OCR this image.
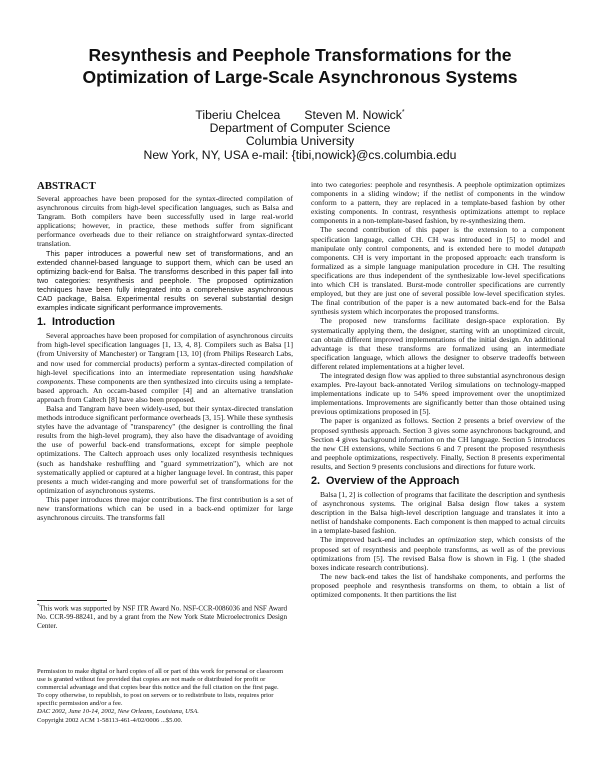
Resynthesis and Peephole Transformations for the
Optimization of Large-Scale Asynchronous Systems
Tiberiu Chelcea Steven M. Nowick*
Department of Computer Science
Columbia University
New York, NY, USA e-mail: {tibi,nowick}@cs.columbia.edu
ABSTRACT

Several approaches have been proposed for the syntax-directed compilation of asynchronous circuits from high-level specification languages, such as Balsa and Tangram. Both compilers have been successfully used in large real-world applications; however, in practice, these methods suffer from significant performance overheads due to their reliance on straightforward syntax-directed translation.

This paper introduces a powerful new set of transformations, and an extended channel-based language to support them, which can be used an optimizing back-end for Balsa. The transforms described in this paper fall into two categories: resynthesis and peephole. The proposed optimization techniques have been fully integrated into a comprehensive asynchronous CAD package, Balsa. Experimental results on several substantial design examples indicate significant performance improvements.

1. Introduction

Several approaches have been proposed for compilation of asynchronous circuits from high-level specification languages [1, 13, 4, 8]. Compilers such as Balsa [1] (from University of Manchester) or Tangram [13, 10] (from Philips Research Labs, and now used for commercial products) perform a syntax-directed compilation of high-level specifications into an intermediate representation using handshake components. These components are then synthesized into circuits using a template-based approach. An occam-based compiler [4] and an alternative translation approach from Caltech [8] have also been proposed.

Balsa and Tangram have been widely-used, but their syntax-directed translation methods introduce significant performance overheads [3, 15]. While these synthesis styles have the advantage of "transparency" (the designer is controlling the final results from the high-level program), they also have the disadvantage of avoiding the use of powerful back-end transformations, except for simple peephole optimizations. The Caltech approach uses only localized resynthesis techniques (such as handshake reshuffling and "guard symmetrization"), which are not systematically applied or captured at a higher language level. In contrast, this paper presents a much wider-ranging and more powerful set of transformations for the optimization of asynchronous systems.

This paper introduces three major contributions. The first contribution is a set of new transformations which can be used in a back-end optimizer for large asynchronous circuits. The transforms fall

*This work was supported by NSF ITR Award No. NSF-CCR-0086036 and NSF Award No. CCR-99-88241, and by a grant from the New York State Microelectronics Design Center.
Permission to make digital or hard copies of all or part of this work for personal or classroom use is granted without fee provided that copies are not made or distributed for profit or commercial advantage and that copies bear this notice and the full citation on the first page. To copy otherwise, to republish, to post on servers or to redistribute to lists, requires prior specific permission and/or a fee.
DAC 2002, June 10-14, 2002, New Orleans, Louisiana, USA.
Copyright 2002 ACM 1-58113-461-4/02/0006 ...$5.00.

into two categories: peephole and resynthesis. A peephole optimization optimizes components in a sliding window; if the netlist of components in the window conform to a pattern, they are replaced in a template-based fashion by other existing components. In contrast, resynthesis optimizations attempt to replace components in a non-template-based fashion, by re-synthesizing them.

The second contribution of this paper is the extension to a component specification language, called CH. CH was introduced in [5] to model and manipulate only control components, and is extended here to model datapath components. CH is very important in the proposed approach: each transform is formalized as a simple language manipulation procedure in CH. The resulting specifications are thus independent of the synthesizable low-level specifications into which CH is translated. Burst-mode controller specifications are currently employed, but they are just one of several possible low-level specification styles. The final contribution of the paper is a new automated back-end for the Balsa synthesis system which incorporates the proposed transforms.

The proposed new transforms facilitate design-space exploration. By systematically applying them, the designer, starting with an unoptimized circuit, can obtain different improved implementations of the initial design. An additional advantage is that these transforms are formalized using an intermediate specification language, which allows the designer to observe tradeoffs between different related implementations at a higher level.

The integrated design flow was applied to three substantial asynchronous design examples. Pre-layout back-annotated Verilog simulations on technology-mapped implementations indicate up to 54% speed improvement over the unoptimized implementations. Improvements are significantly better than those obtained using previous optimizations proposed in [5].

The paper is organized as follows. Section 2 presents a brief overview of the proposed synthesis approach. Section 3 gives some asynchronous background, and Section 4 gives background information on the CH language. Section 5 introduces the new CH extensions, while Sections 6 and 7 present the proposed resynthesis and peephole optimizations, respectively. Finally, Section 8 presents experimental results, and Section 9 presents conclusions and directions for future work.

2. Overview of the Approach

Balsa [1, 2] is collection of programs that facilitate the description and synthesis of asynchronous systems. The original Balsa design flow takes a system description in the Balsa high-level description language and translates it into a netlist of handshake components. Each component is then mapped to actual circuits in a template-based fashion.

The improved back-end includes an optimization step, which consists of the proposed set of resynthesis and peephole transforms, as well as of the previous optimizations from [5]. The revised Balsa flow is shown in Fig. 1 (the shaded boxes indicate research contributions).

The new back-end takes the list of handshake components, and performs the proposed peephole and resynthesis transforms on them, to obtain a list of optimized components. It then partitions the list
